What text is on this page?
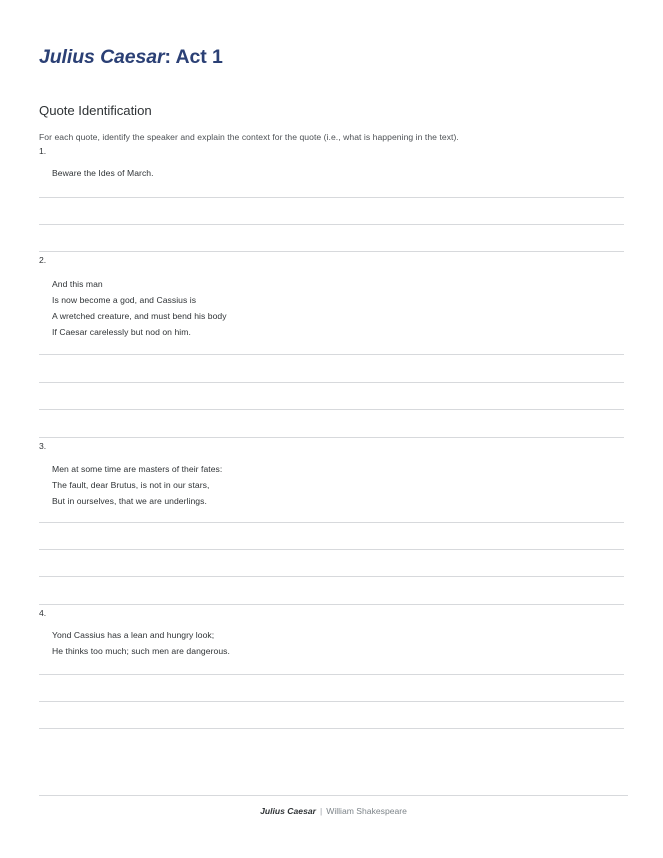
Julius Caesar: Act 1
Quote Identification

For each quote, identify the speaker and explain the context for the quote (i.e., what is happening in the text).

1.
Beware the Ides of March.
2.
And this man
Is now become a god, and Cassius is
A wretched creature, and must bend his body
If Caesar carelessly but nod on him.
3.
Men at some time are masters of their fates:
The fault, dear Brutus, is not in our stars,
But in ourselves, that we are underlings.
4.
Yond Cassius has a lean and hungry look;
He thinks too much; such men are dangerous.
Julius Caesar | William Shakespeare
